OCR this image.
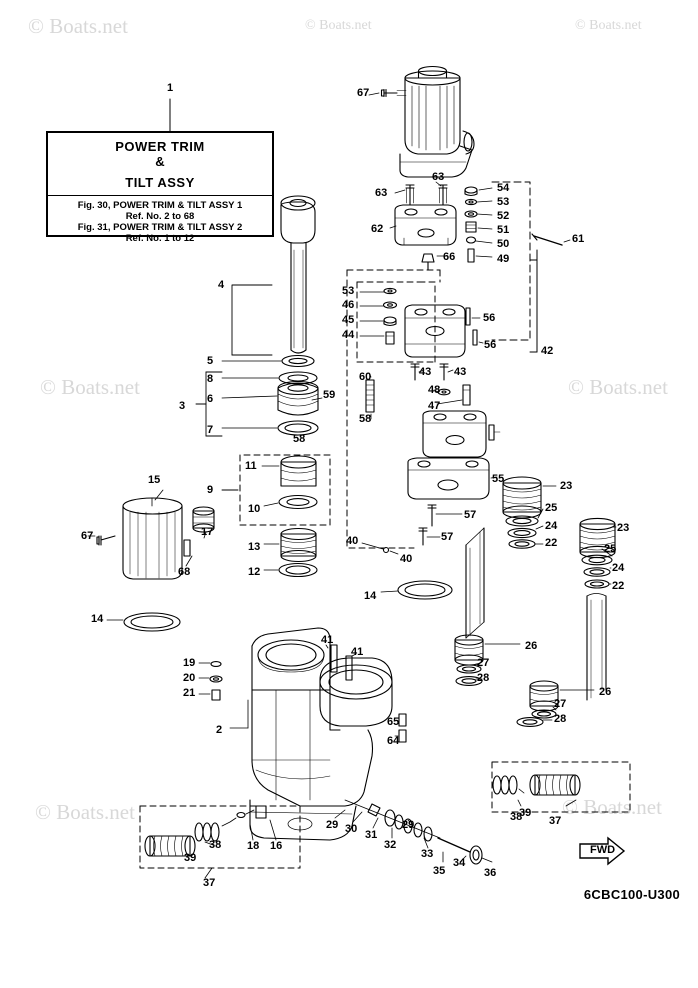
© Boats.net	© Boats.net	© Boats.net
© Boats.net	© Boats.net
© Boats.net	© Boats.net
POWER TRIM
&
TILT ASSY
Fig. 30, POWER TRIM & TILT ASSY 1
Ref. No. 2 to 68
Fig. 31, POWER TRIM & TILT ASSY 2
Ref. No. 1 to 12
FWD
6CBC100-U300
1	67
63
54
63
53
52
62	51
50	61
66	49
4	53
46
45	56
44
56	42
5
43 43
8	60
48
59
6
47
3
58
7
58
11
55
23
9
15
10	25
23
57
24
67	17
22
13
57
25
40
40
68	24
12
22
14
14
41
41
19
26
20
27
21
28
26
2
65
64
27
28
39
38 37
29 30 31
32
29
39
38 18 16
33
34
35	36
37
